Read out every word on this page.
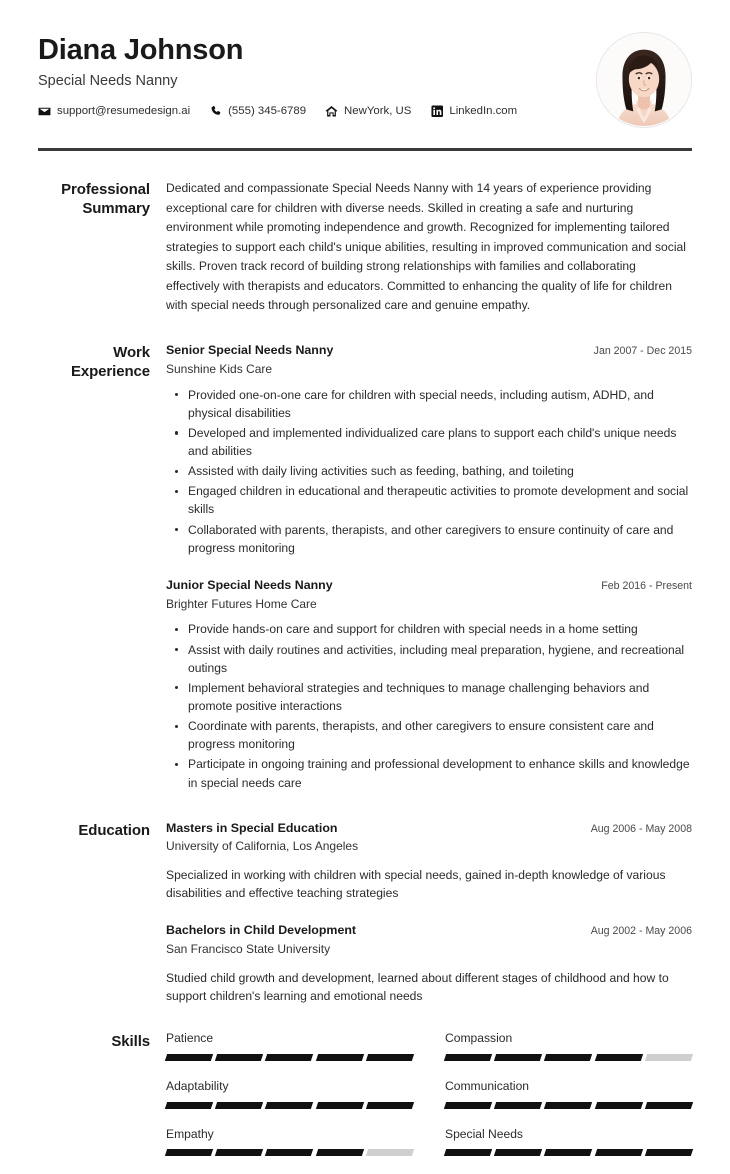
Diana Johnson
Special Needs Nanny
support@resumedesign.ai	(555) 345-6789	NewYork, US	LinkedIn.com
Professional
Summary
Dedicated and compassionate Special Needs Nanny with 14 years of experience providing exceptional care for children with diverse needs. Skilled in creating a safe and nurturing environment while promoting independence and growth. Recognized for implementing tailored strategies to support each child's unique abilities, resulting in improved communication and social skills. Proven track record of building strong relationships with families and collaborating effectively with therapists and educators. Committed to enhancing the quality of life for children with special needs through personalized care and genuine empathy.
Work
Experience
Senior Special Needs Nanny	Jan 2007 - Dec 2015
Sunshine Kids Care
Provided one-on-one care for children with special needs, including autism, ADHD, and physical disabilities
Developed and implemented individualized care plans to support each child's unique needs and abilities
Assisted with daily living activities such as feeding, bathing, and toileting
Engaged children in educational and therapeutic activities to promote development and social skills
Collaborated with parents, therapists, and other caregivers to ensure continuity of care and progress monitoring
Junior Special Needs Nanny	Feb 2016 - Present
Brighter Futures Home Care
Provide hands-on care and support for children with special needs in a home setting
Assist with daily routines and activities, including meal preparation, hygiene, and recreational outings
Implement behavioral strategies and techniques to manage challenging behaviors and promote positive interactions
Coordinate with parents, therapists, and other caregivers to ensure consistent care and progress monitoring
Participate in ongoing training and professional development to enhance skills and knowledge in special needs care
Education	Masters in Special Education	Aug 2006 - May 2008
University of California, Los Angeles
Specialized in working with children with special needs, gained in-depth knowledge of various disabilities and effective teaching strategies
Bachelors in Child Development	Aug 2002 - May 2006
San Francisco State University
Studied child growth and development, learned about different stages of childhood and how to support children's learning and emotional needs
Skills	Patience	Compassion
Adaptability	Communication
Empathy	Special Needs
